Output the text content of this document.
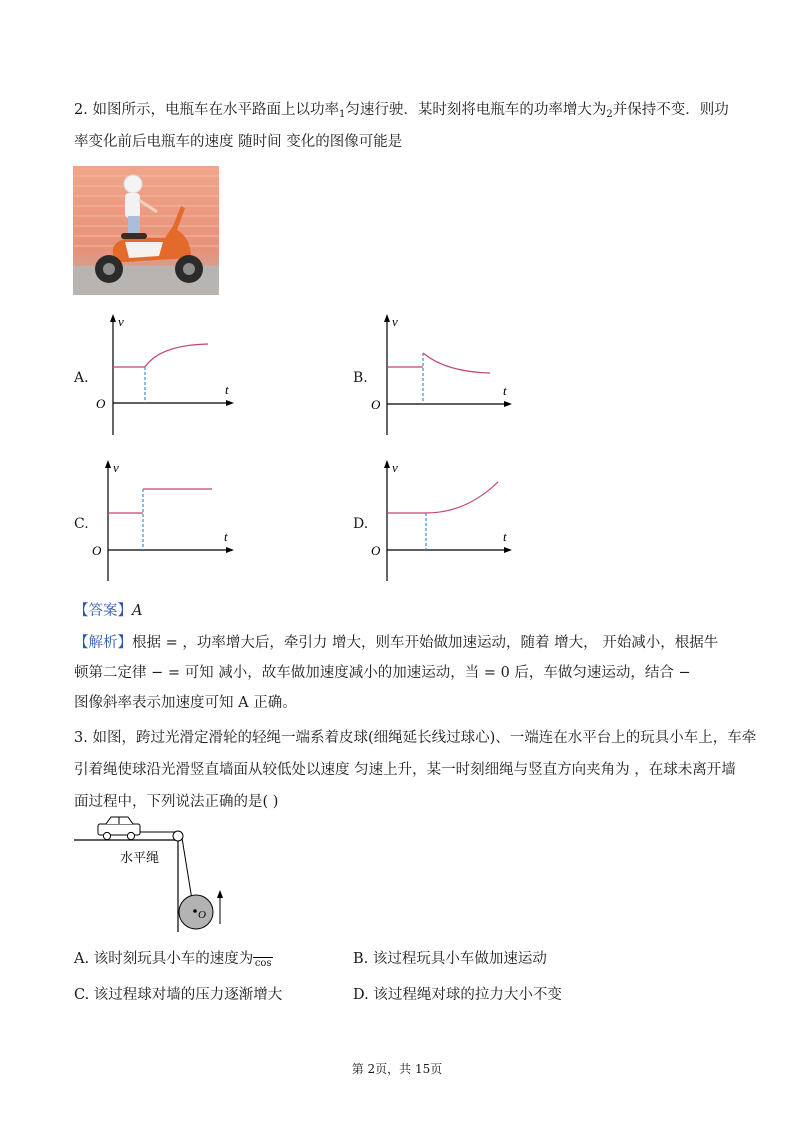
2. 如图所示，电瓶车在水平路面上以功率$_1$匀速行驶．某时刻将电瓶车的功率增大为$_2$并保持不变．则功
率变化前后电瓶车的速度 随时间 变化的图像可能是
A.
v
t
O
B.
v
t
O
C.
v
t
O
D.
v
t
O
【答案】A
【解析】根据 = ，功率增大后，牵引力 增大，则车开始做加速运动，随着 增大， 开始减小，根据牛
顿第二定律 − = 可知 减小，故车做加速度减小的加速运动，当 = 0 后，车做匀速运动，结合 −
图像斜率表示加速度可知 A 正确。
3. 如图，跨过光滑定滑轮的轻绳一端系着皮球(细绳延长线过球心)、一端连在水平台上的玩具小车上，车牵
引着绳使球沿光滑竖直墙面从较低处以速度 匀速上升，某一时刻细绳与竖直方向夹角为 ，在球未离开墙
面过程中，下列说法正确的是( )
O
水平绳
A. 该时刻玩具小车的速度为 cos	B. 该过程玩具小车做加速运动
C. 该过程球对墙的压力逐渐增大	D. 该过程绳对球的拉力大小不变
第 2页，共 15页
